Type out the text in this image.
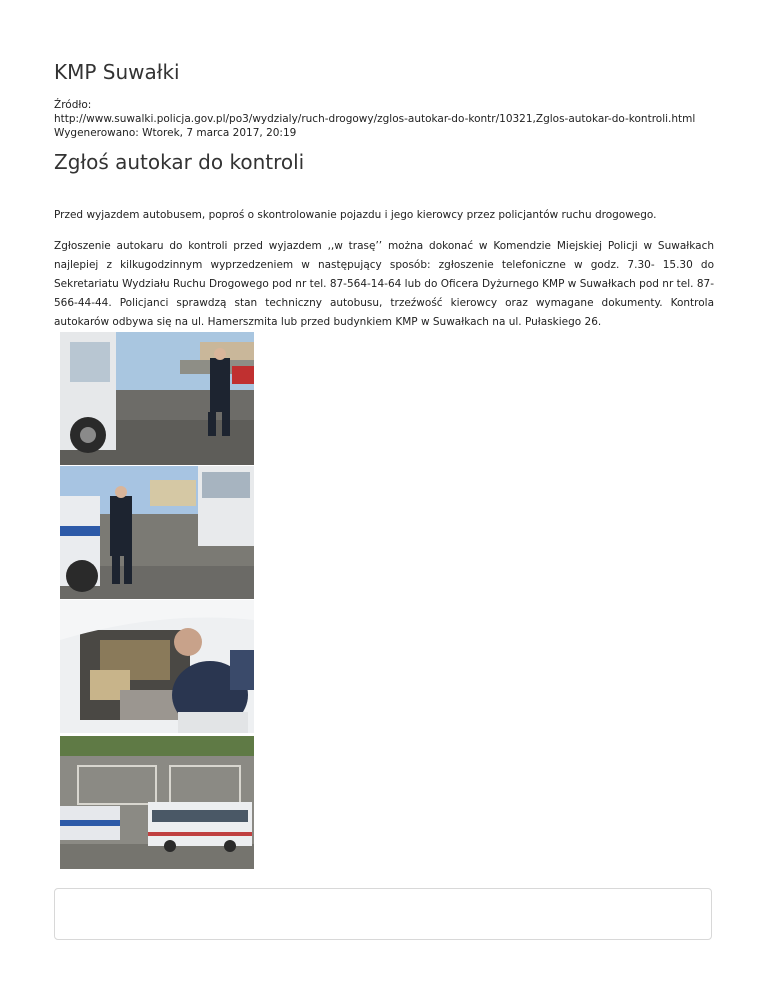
KMP Suwałki
Źródło:
http://www.suwalki.policja.gov.pl/po3/wydzialy/ruch-drogowy/zglos-autokar-do-kontr/10321,Zglos-autokar-do-kontroli.html
Wygenerowano: Wtorek, 7 marca 2017, 20:19
Zgłoś autokar do kontroli

Przed wyjazdem autobusem, poproś o skontrolowanie pojazdu i jego kierowcy przez policjantów ruchu drogowego.

Zgłoszenie autokaru do kontroli przed wyjazdem ,,w trasę’’ można dokonać w Komendzie Miejskiej Policji w Suwałkach najlepiej z kilkugodzinnym wyprzedzeniem w następujący sposób: zgłoszenie telefoniczne w godz. 7.30- 15.30 do Sekretariatu Wydziału Ruchu Drogowego pod nr tel. 87-564-14-64 lub do Oficera Dyżurnego KMP w Suwałkach pod nr tel. 87-566-44-44. Policjanci sprawdzą stan techniczny autobusu, trzeźwość kierowcy oraz wymagane dokumenty. Kontrola autokarów odbywa się na ul. Hamerszmita lub przed budynkiem KMP w Suwałkach na ul. Pułaskiego 26.
